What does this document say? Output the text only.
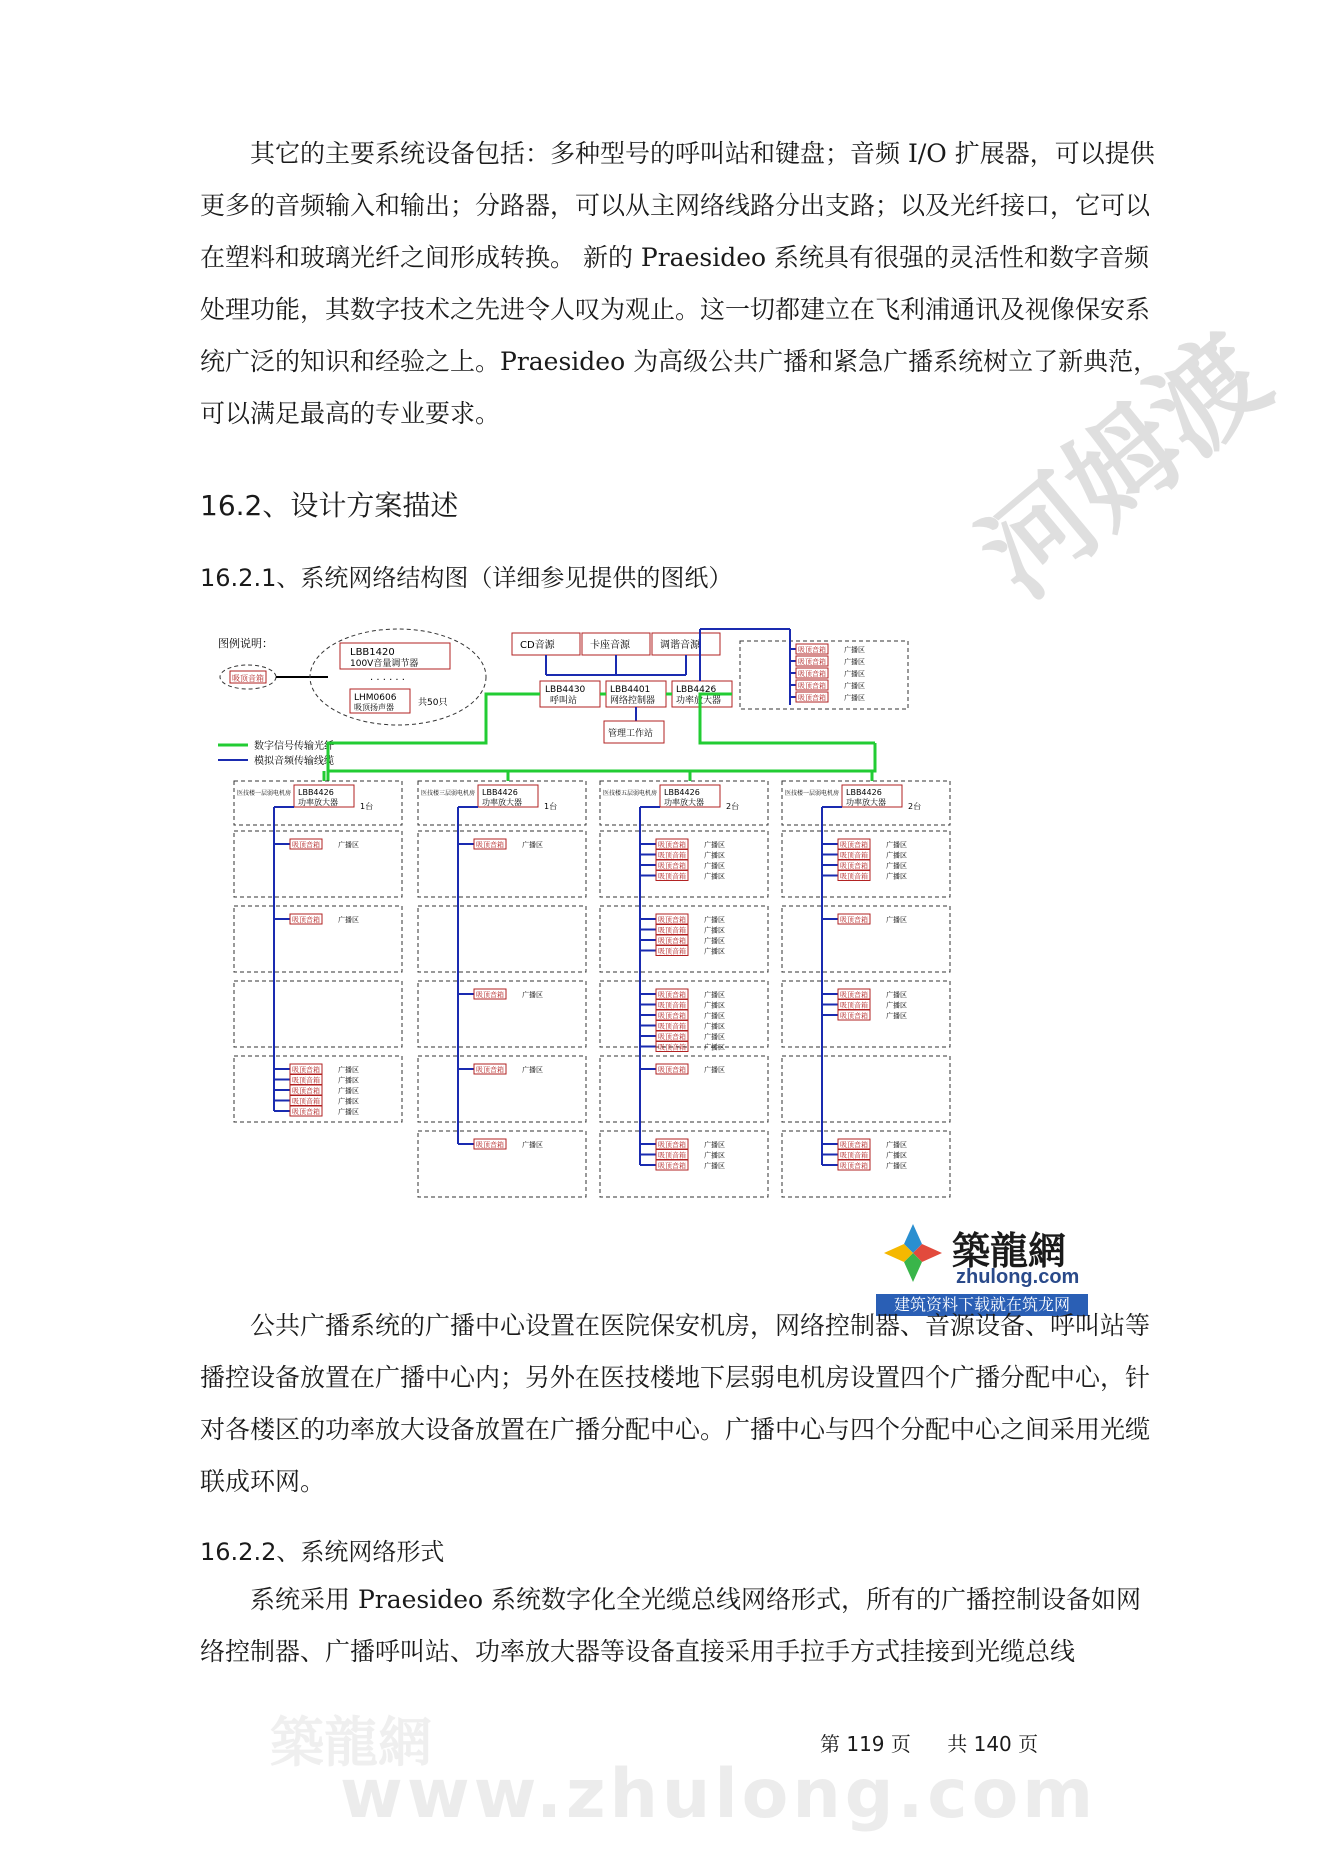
其它的主要系统设备包括：多种型号的呼叫站和键盘；音频 I/O 扩展器，可以提供更多的音频输入和输出；分路器，可以从主网络线路分出支路；以及光纤接口，它可以在塑料和玻璃光纤之间形成转换。 新的 Praesideo 系统具有很强的灵活性和数字音频处理功能，其数字技术之先进令人叹为观止。这一切都建立在飞利浦通讯及视像保安系统广泛的知识和经验之上。Praesideo 为高级公共广播和紧急广播系统树立了新典范，可以满足最高的专业要求。

16.2、设计方案描述
16.2.1、系统网络结构图（详细参见提供的图纸）
图例说明：
吸顶音箱
LBB1420
100V音量调节器
· · · · · ·
LHM0606
吸顶扬声器	共50只
数字信号传输光纤
模拟音频传输线缆
CD音源	卡座音源	调谐音源
LBB4430
呼叫站
LBB4401
网络控制器
LBB4426
功率放大器
管理工作站
吸顶音箱	广播区
吸顶音箱	广播区
吸顶音箱	广播区
吸顶音箱	广播区
吸顶音箱	广播区
医技楼一层弱电机房 LBB4426
功率放大器	1台
吸顶音箱	广播区
吸顶音箱	广播区
吸顶音箱	广播区
吸顶音箱	广播区
吸顶音箱	广播区
吸顶音箱	广播区
吸顶音箱	广播区
医技楼三层弱电机房 LBB4426
功率放大器	1台
吸顶音箱	广播区
吸顶音箱	广播区
吸顶音箱	广播区
吸顶音箱	广播区
医技楼五层弱电机房 LBB4426
功率放大器	2台
吸顶音箱	广播区
吸顶音箱	广播区
吸顶音箱	广播区
吸顶音箱	广播区
吸顶音箱	广播区
吸顶音箱	广播区
吸顶音箱	广播区
吸顶音箱	广播区
吸顶音箱	广播区
吸顶音箱	广播区
吸顶音箱	广播区
吸顶音箱	广播区
吸顶音箱	广播区
吸顶音箱	广播区
吸顶音箱	广播区
吸顶音箱	广播区
吸顶音箱	广播区
吸顶音箱	广播区
医技楼一层弱电机房 LBB4426
功率放大器	2台
吸顶音箱	广播区
吸顶音箱	广播区
吸顶音箱	广播区
吸顶音箱	广播区
吸顶音箱	广播区
吸顶音箱	广播区
吸顶音箱	广播区
吸顶音箱	广播区
吸顶音箱	广播区
吸顶音箱	广播区
吸顶音箱	广播区
築龍網
zhulong.com
建筑资料下载就在筑龙网

公共广播系统的广播中心设置在医院保安机房，网络控制器、音源设备、呼叫站等播控设备放置在广播中心内；另外在医技楼地下层弱电机房设置四个广播分配中心，针对各楼区的功率放大设备放置在广播分配中心。广播中心与四个分配中心之间采用光缆联成环网。

16.2.2、系统网络形式

系统采用 Praesideo 系统数字化全光缆总线网络形式，所有的广播控制设备如网络控制器、广播呼叫站、功率放大器等设备直接采用手拉手方式挂接到光缆总线

第 119 页 共 140 页
河姆渡
築龍網
www.zhulong.com
